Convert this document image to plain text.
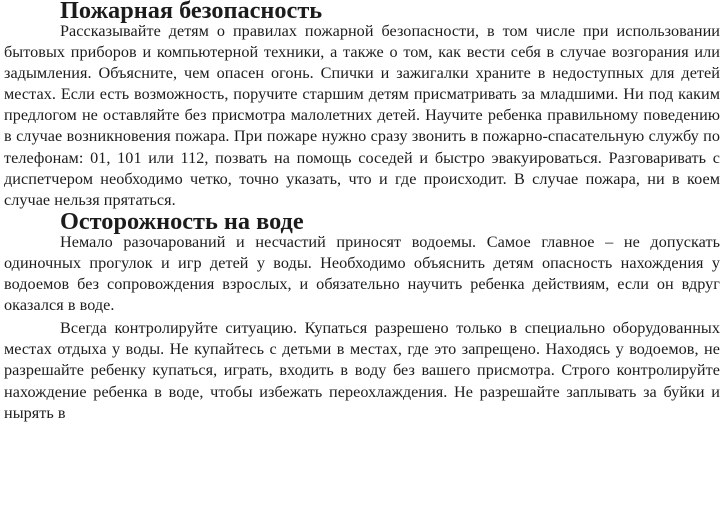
Пожарная безопасность

Рассказывайте детям о правилах пожарной безопасности, в том числе при использовании бытовых приборов и компьютерной техники, а также о том, как вести себя в случае возгорания или задымления. Объясните, чем опасен огонь. Спички и зажигалки храните в недоступных для детей местах. Если есть возможность, поручите старшим детям присматривать за младшими. Ни под каким предлогом не оставляйте без присмотра малолетних детей. Научите ребенка правильному поведению в случае возникновения пожара. При пожаре нужно сразу звонить в пожарно-спасательную службу по телефонам: 01, 101 или 112, позвать на помощь соседей и быстро эвакуироваться. Разговаривать с диспетчером необходимо четко, точно указать, что и где происходит. В случае пожара, ни в коем случае нельзя прятаться.

Осторожность на воде

Немало разочарований и несчастий приносят водоемы. Самое главное – не допускать одиночных прогулок и игр детей у воды. Необходимо объяснить детям опасность нахождения у водоемов без сопровождения взрослых, и обязательно научить ребенка действиям, если он вдруг оказался в воде.

Всегда контролируйте ситуацию. Купаться разрешено только в специально оборудованных местах отдыха у воды. Не купайтесь с детьми в местах, где это запрещено. Находясь у водоемов, не разрешайте ребенку купаться, играть, входить в воду без вашего присмотра. Строго контролируйте нахождение ребенка в воде, чтобы избежать переохлаждения. Не разрешайте заплывать за буйки и нырять в
